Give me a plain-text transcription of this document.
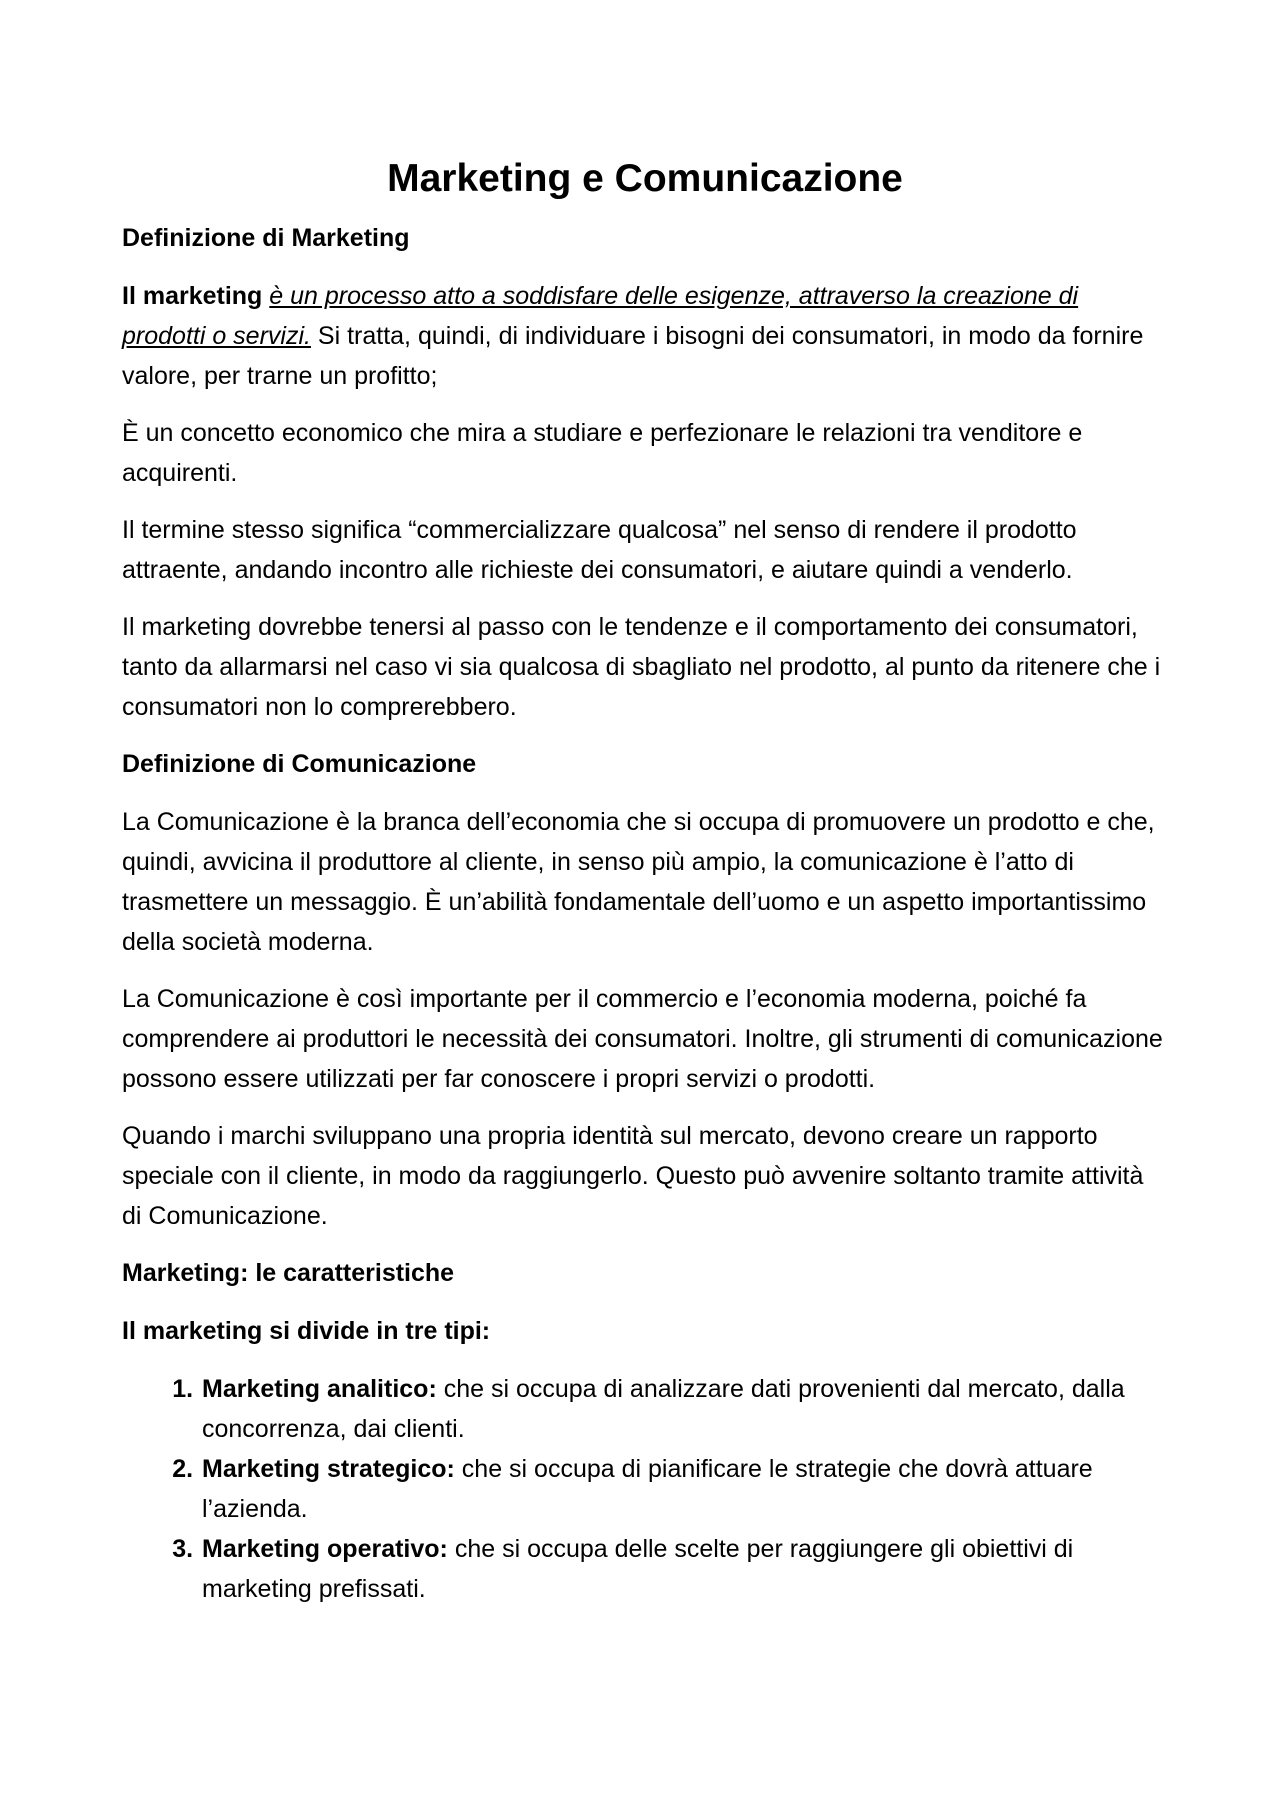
Marketing e Comunicazione
Definizione di Marketing

Il marketing è un processo atto a soddisfare delle esigenze, attraverso la creazione di prodotti o servizi. Si tratta, quindi, di individuare i bisogni dei consumatori, in modo da fornire valore, per trarne un profitto;

È un concetto economico che mira a studiare e perfezionare le relazioni tra venditore e acquirenti.

Il termine stesso significa “commercializzare qualcosa” nel senso di rendere il prodotto attraente, andando incontro alle richieste dei consumatori, e aiutare quindi a venderlo.

Il marketing dovrebbe tenersi al passo con le tendenze e il comportamento dei consumatori, tanto da allarmarsi nel caso vi sia qualcosa di sbagliato nel prodotto, al punto da ritenere che i consumatori non lo comprerebbero.

Definizione di Comunicazione

La Comunicazione è la branca dell’economia che si occupa di promuovere un prodotto e che, quindi, avvicina il produttore al cliente, in senso più ampio, la comunicazione è l’atto di trasmettere un messaggio. È un’abilità fondamentale dell’uomo e un aspetto importantissimo della società moderna.

La Comunicazione è così importante per il commercio e l’economia moderna, poiché fa comprendere ai produttori le necessità dei consumatori. Inoltre, gli strumenti di comunicazione possono essere utilizzati per far conoscere i propri servizi o prodotti.

Quando i marchi sviluppano una propria identità sul mercato, devono creare un rapporto speciale con il cliente, in modo da raggiungerlo. Questo può avvenire soltanto tramite attività di Comunicazione.

Marketing: le caratteristiche
Il marketing si divide in tre tipi:
1. Marketing analitico: che si occupa di analizzare dati provenienti dal mercato, dalla concorrenza, dai clienti.
2. Marketing strategico: che si occupa di pianificare le strategie che dovrà attuare l’azienda.
3. Marketing operativo: che si occupa delle scelte per raggiungere gli obiettivi di marketing prefissati.
